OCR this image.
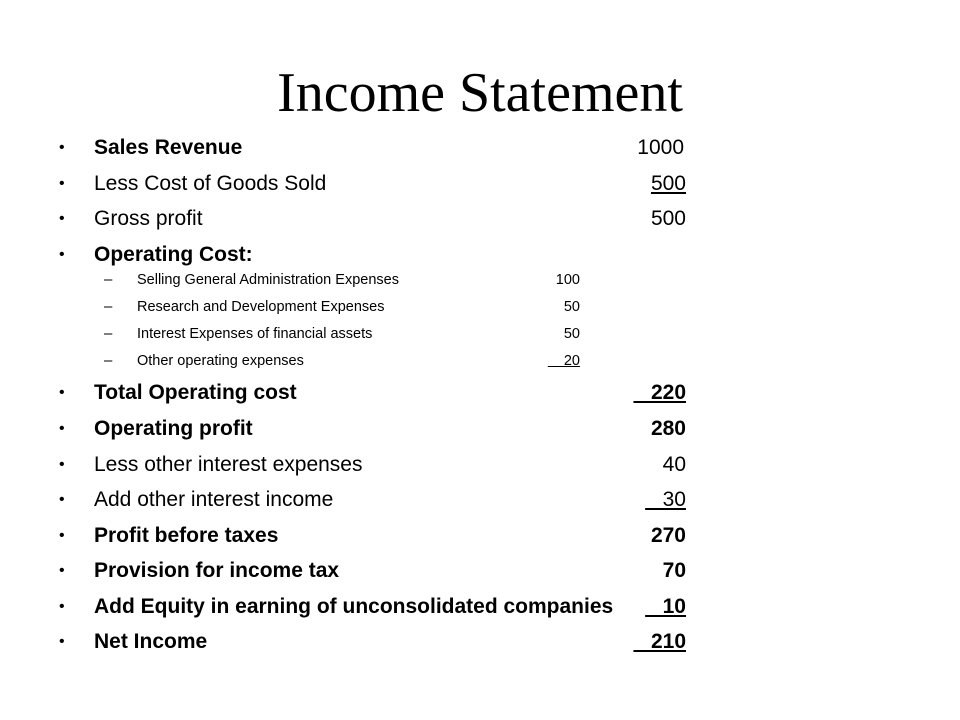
Income Statement
• Sales Revenue	1000
• Less Cost of Goods Sold	500
• Gross profit	500
• Operating Cost:
– Selling General Administration Expenses	100
– Research and Development Expenses	50
– Interest Expenses of financial assets	50
– Other operating expenses	20
• Total Operating cost	220
• Operating profit	280
• Less other interest expenses	40
• Add other interest income	30
• Profit before taxes	270
• Provision for income tax	70
• Add Equity in earning of unconsolidated companies 10
• Net Income	210
